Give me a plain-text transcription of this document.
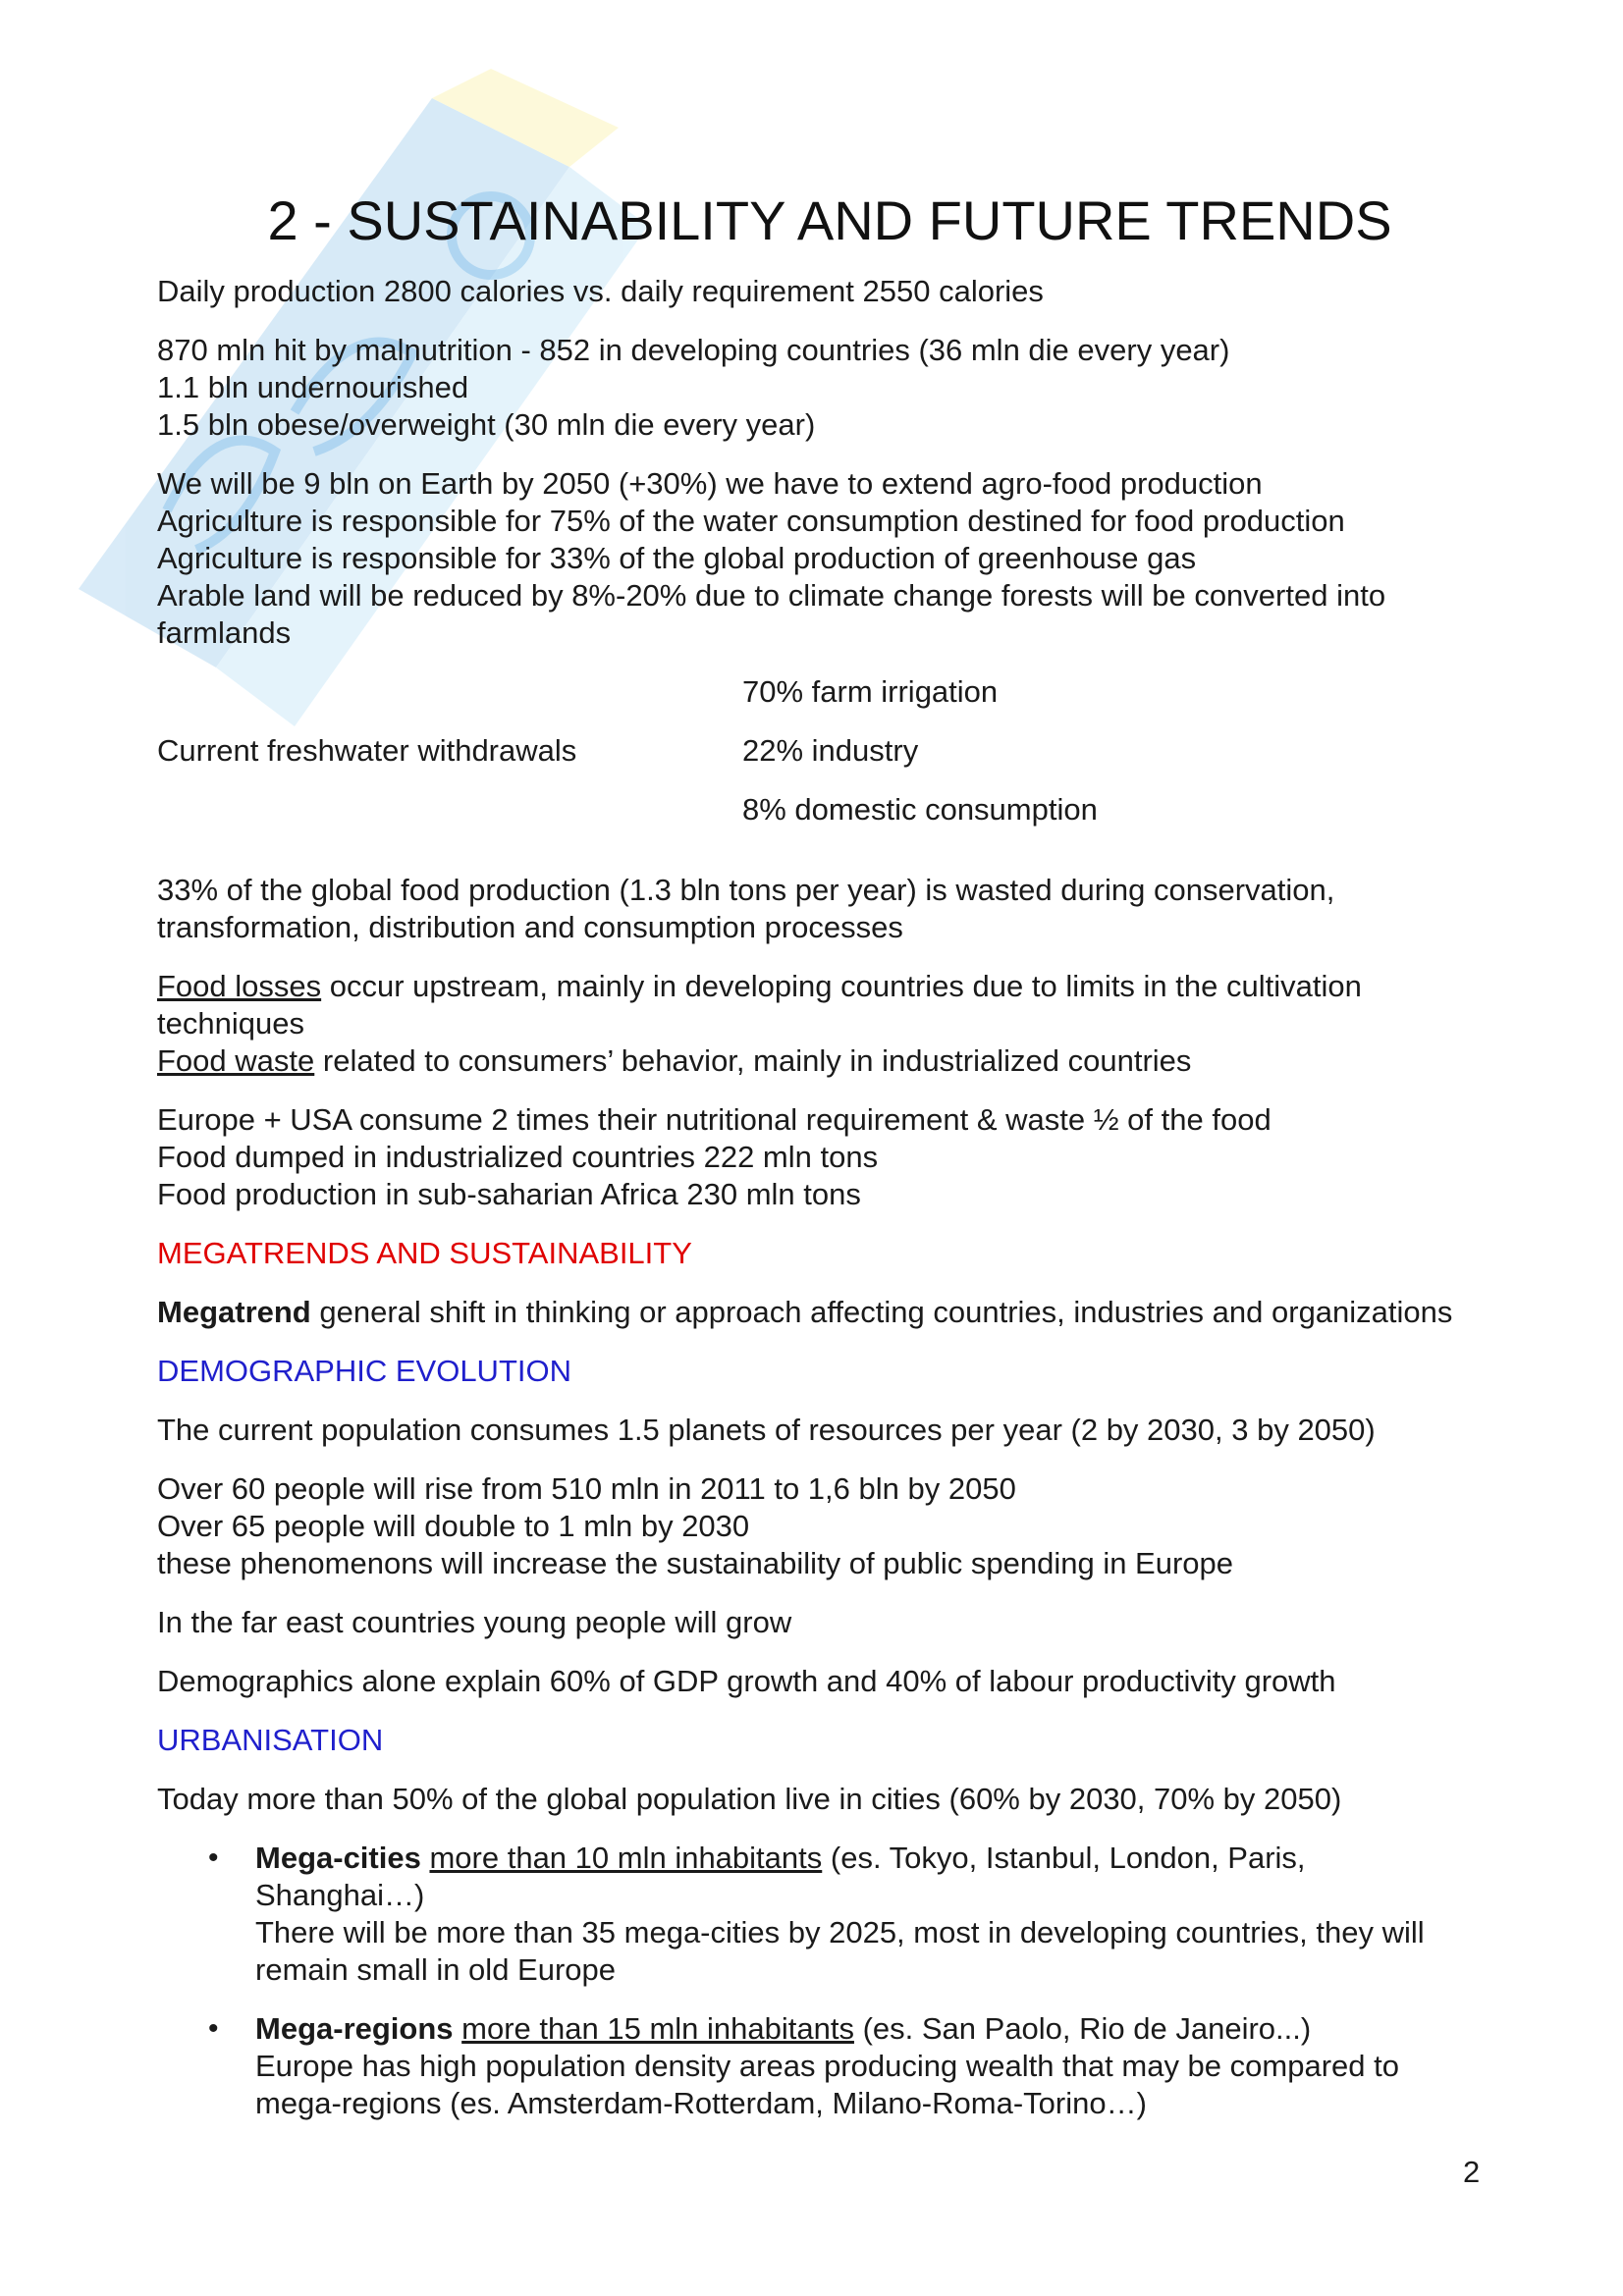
2 - SUSTAINABILITY AND FUTURE TRENDS

Daily production 2800 calories vs. daily requirement 2550 calories

870 mln hit by malnutrition - 852 in developing countries (36 mln die every year)
1.1 bln undernourished
1.5 bln obese/overweight (30 mln die every year)

We will be 9 bln on Earth by 2050 (+30%) we have to extend agro-food production
Agriculture is responsible for 75% of the water consumption destined for food production
Agriculture is responsible for 33% of the global production of greenhouse gas
Arable land will be reduced by 8%-20% due to climate change forests will be converted into
farmlands

Current freshwater withdrawals
70% farm irrigation
22% industry
8% domestic consumption

33% of the global food production (1.3 bln tons per year) is wasted during conservation,
transformation, distribution and consumption processes

Food losses occur upstream, mainly in developing countries due to limits in the cultivation
techniques
Food waste related to consumers’ behavior, mainly in industrialized countries

Europe + USA consume 2 times their nutritional requirement & waste ½ of the food
Food dumped in industrialized countries 222 mln tons
Food production in sub-saharian Africa 230 mln tons

MEGATRENDS AND SUSTAINABILITY

Megatrend general shift in thinking or approach affecting countries, industries and organizations

DEMOGRAPHIC EVOLUTION

The current population consumes 1.5 planets of resources per year (2 by 2030, 3 by 2050)

Over 60 people will rise from 510 mln in 2011 to 1,6 bln by 2050
Over 65 people will double to 1 mln by 2030
these phenomenons will increase the sustainability of public spending in Europe

In the far east countries young people will grow

Demographics alone explain 60% of GDP growth and 40% of labour productivity growth

URBANISATION

Today more than 50% of the global population live in cities (60% by 2030, 70% by 2050)

• Mega-cities more than 10 mln inhabitants (es. Tokyo, Istanbul, London, Paris,
Shanghai…)
There will be more than 35 mega-cities by 2025, most in developing countries, they will
remain small in old Europe
• Mega-regions more than 15 mln inhabitants (es. San Paolo, Rio de Janeiro...)
Europe has high population density areas producing wealth that may be compared to
mega-regions (es. Amsterdam-Rotterdam, Milano-Roma-Torino…)
2
